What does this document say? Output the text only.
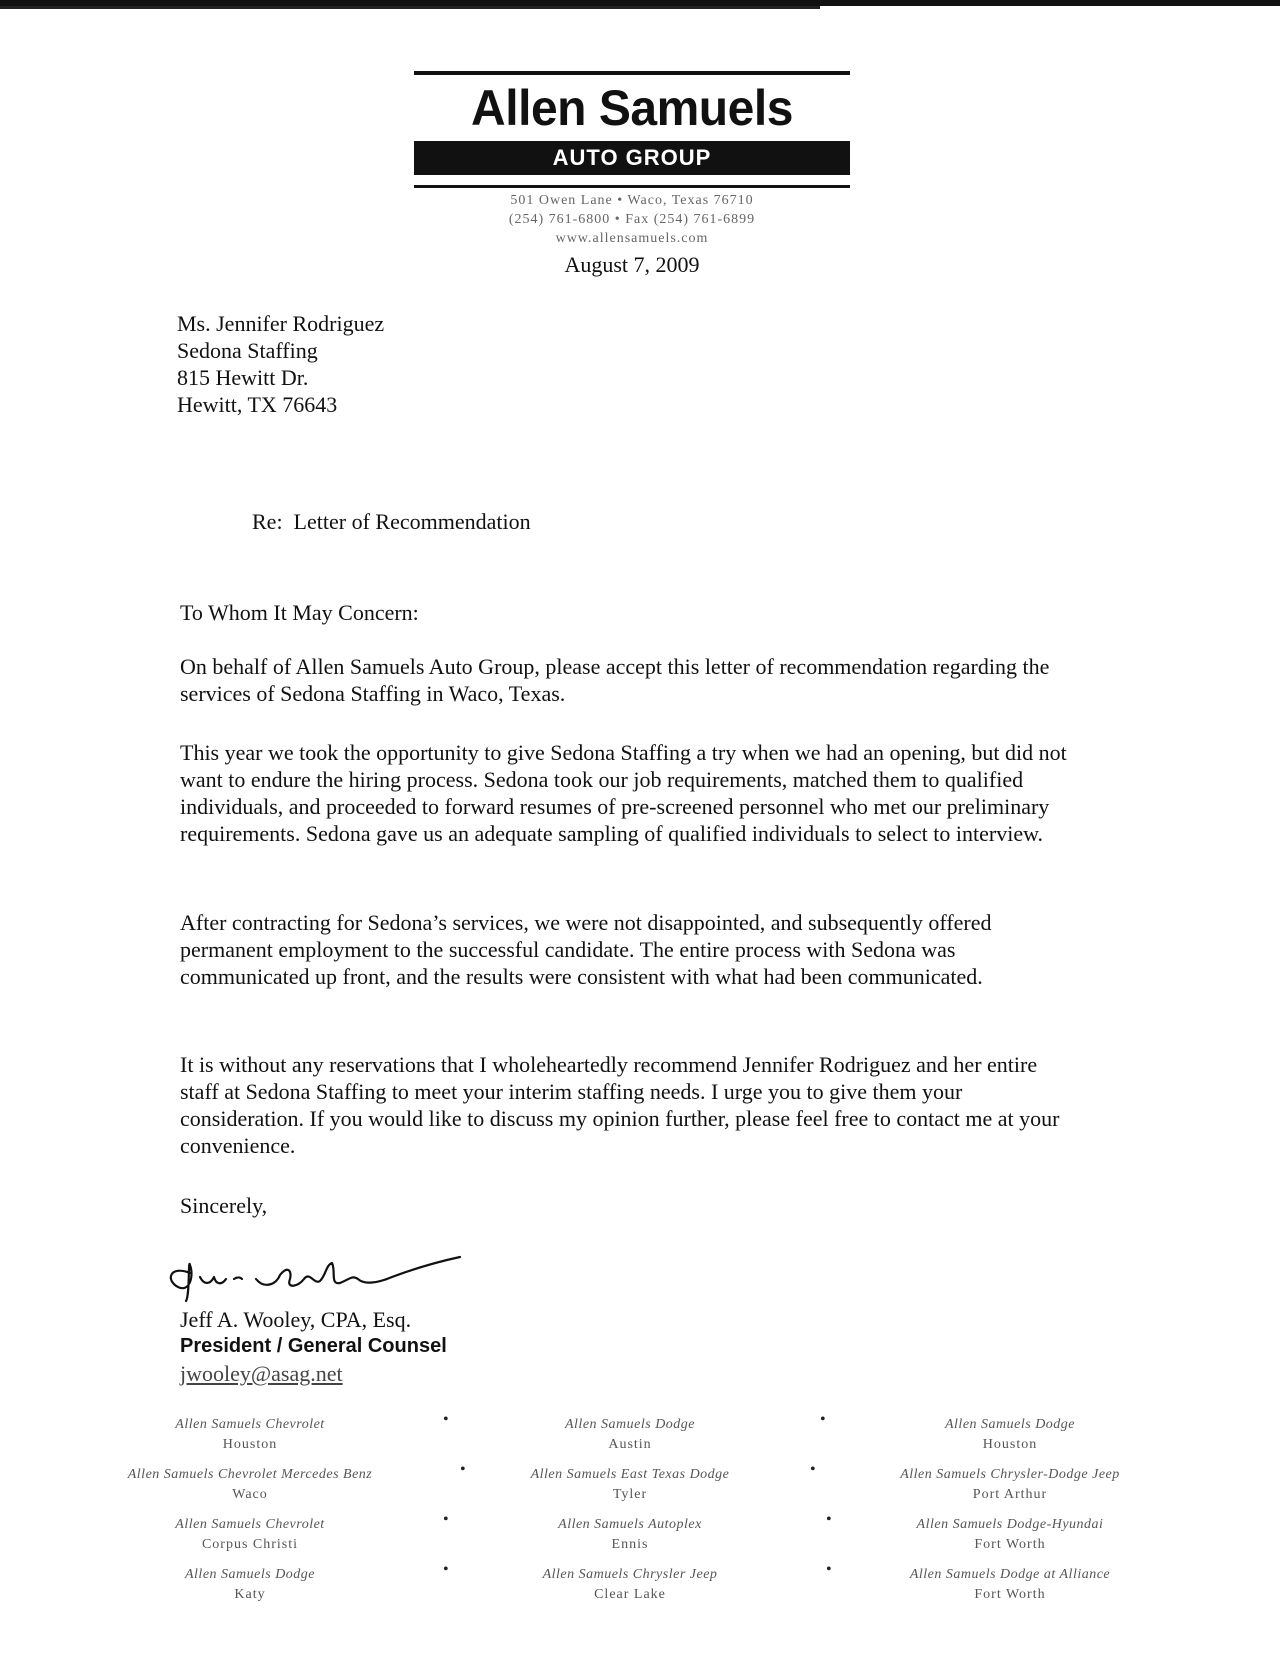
Allen Samuels
AUTO GROUP
501 Owen Lane • Waco, Texas 76710
(254) 761-6800 • Fax (254) 761-6899
www.allensamuels.com
August 7, 2009
Ms. Jennifer Rodriguez
Sedona Staffing
815 Hewitt Dr.
Hewitt, TX 76643
Re:  Letter of Recommendation
To Whom It May Concern:
On behalf of Allen Samuels Auto Group, please accept this letter of recommendation regarding the services of Sedona Staffing in Waco, Texas.
This year we took the opportunity to give Sedona Staffing a try when we had an opening, but did not want to endure the hiring process. Sedona took our job requirements, matched them to qualified individuals, and proceeded to forward resumes of pre-screened personnel who met our preliminary requirements. Sedona gave us an adequate sampling of qualified individuals to select to interview.
After contracting for Sedona’s services, we were not disappointed, and subsequently offered permanent employment to the successful candidate. The entire process with Sedona was communicated up front, and the results were consistent with what had been communicated.
It is without any reservations that I wholeheartedly recommend Jennifer Rodriguez and her entire staff at Sedona Staffing to meet your interim staffing needs. I urge you to give them your consideration. If you would like to discuss my opinion further, please feel free to contact me at your convenience.
Sincerely,
Jeff A. Wooley, CPA, Esq.
President / General Counsel
jwooley@asag.net
Allen Samuels Chevrolet
Houston
•	Allen Samuels Dodge
Austin
•	Allen Samuels Dodge
Houston
Allen Samuels Chevrolet Mercedes Benz
Waco
•	Allen Samuels East Texas Dodge
Tyler
•	Allen Samuels Chrysler-Dodge Jeep
Port Arthur
Allen Samuels Chevrolet
Corpus Christi
•	Allen Samuels Autoplex
Ennis
•	Allen Samuels Dodge-Hyundai
Fort Worth
Allen Samuels Dodge
Katy
•	Allen Samuels Chrysler Jeep
Clear Lake
•	Allen Samuels Dodge at Alliance
Fort Worth
